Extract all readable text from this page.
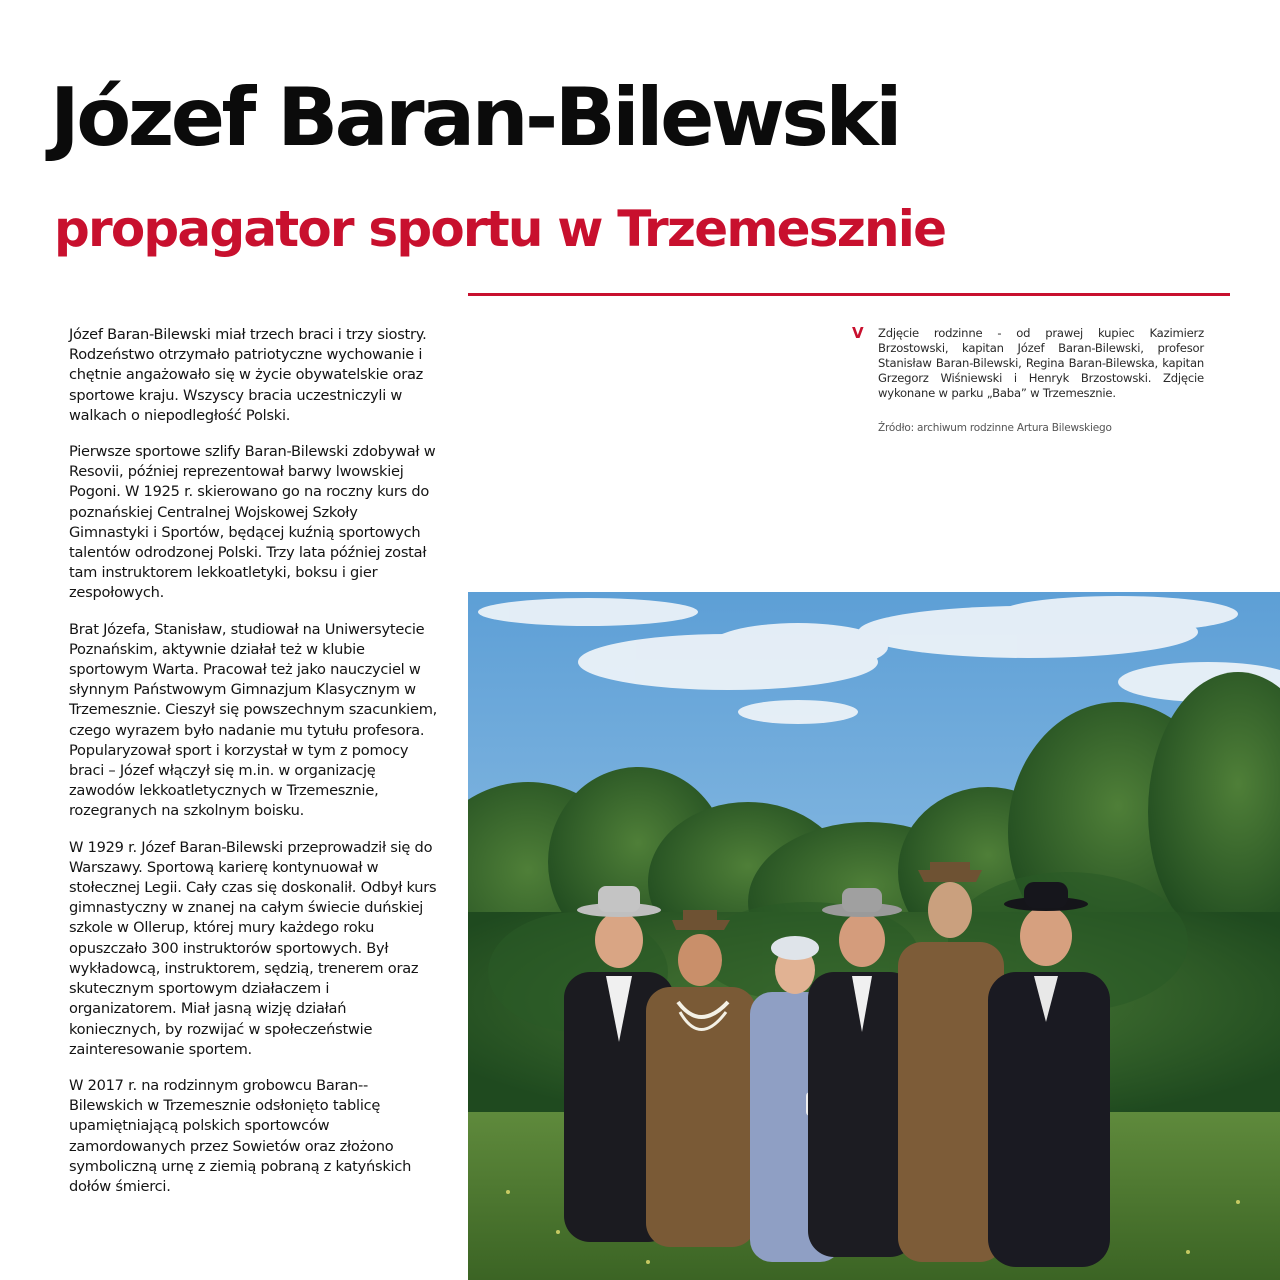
Józef Baran-Bilewski
propagator sportu w Trzemesznie

Józef Baran-Bilewski miał trzech braci i trzy siostry. Rodzeństwo otrzymało patriotyczne wychowanie i chętnie angażowało się w życie obywatelskie oraz sportowe kraju. Wszyscy bracia uczestniczyli w walkach o niepodległość Polski.

Pierwsze sportowe szlify Baran-Bilewski zdobywał w Resovii, później reprezentował barwy lwowskiej Pogoni. W 1925 r. skierowano go na roczny kurs do poznańskiej Centralnej Wojskowej Szkoły Gimnastyki i Sportów, będącej kuźnią sportowych talentów odrodzonej Polski. Trzy lata później został tam instruktorem lekkoatletyki, boksu i gier zespołowych.

Brat Józefa, Stanisław, studiował na Uniwersytecie Poznańskim, aktywnie działał też w klubie sportowym Warta. Pracował też jako nauczyciel w słynnym Państwowym Gimnazjum Klasycznym w Trzemesznie. Cieszył się powszechnym szacunkiem, czego wyrazem było nadanie mu tytułu profesora. Popularyzował sport i korzystał w tym z pomocy braci – Józef włączył się m.in. w organizację zawodów lekkoatletycznych w Trzemesznie, rozegranych na szkolnym boisku.

W 1929 r. Józef Baran-Bilewski przeprowadził się do Warszawy. Sportową karierę kontynuował w stołecznej Legii. Cały czas się doskonalił. Odbył kurs gimnastyczny w znanej na całym świecie duńskiej szkole w Ollerup, której mury każdego roku opuszczało 300 instruktorów sportowych. Był wykładowcą, instruktorem, sędzią, trenerem oraz skutecznym sportowym działaczem i organizatorem. Miał jasną wizję działań koniecznych, by rozwijać w społeczeństwie zainteresowanie sportem.

W 2017 r. na rodzinnym grobowcu Baran--Bilewskich w Trzemesznie odsłonięto tablicę upamiętniającą polskich sportowców zamordowanych przez Sowietów oraz złożono symboliczną urnę z ziemią pobraną z katyńskich dołów śmierci.

V Zdjęcie rodzinne - od prawej kupiec Kazimierz Brzostowski, kapitan Józef Baran-Bilewski, profesor Stanisław Baran-Bilewski, Regina Baran-Bilewska, kapitan Grzegorz Wiśniewski i Henryk Brzostowski. Zdjęcie wykonane w parku „Baba” w Trzemesznie.

Źródło: archiwum rodzinne Artura Bilewskiego
